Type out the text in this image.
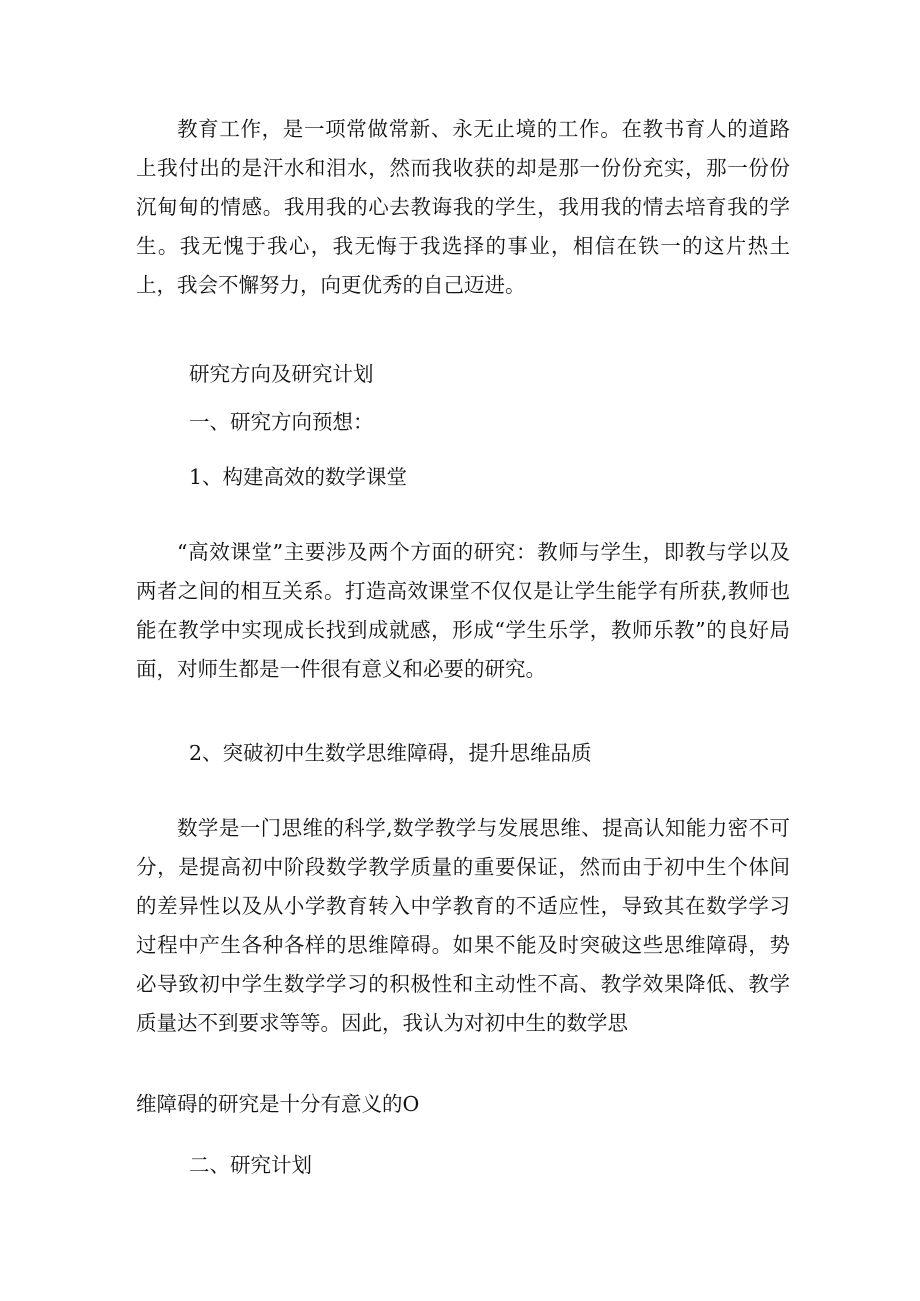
教育工作，是一项常做常新、永无止境的工作。在教书育人的道路上我付出的是汗水和泪水，然而我收获的却是那一份份充实，那一份份沉甸甸的情感。我用我的心去教诲我的学生，我用我的情去培育我的学生。我无愧于我心，我无悔于我选择的事业，相信在铁一的这片热土上，我会不懈努力，向更优秀的自己迈进。

研究方向及研究计划

一、研究方向预想：

1、构建高效的数学课堂

“高效课堂”主要涉及两个方面的研究：教师与学生，即教与学以及两者之间的相互关系。打造高效课堂不仅仅是让学生能学有所获,教师也能在教学中实现成长找到成就感，形成“学生乐学，教师乐教”的良好局面，对师生都是一件很有意义和必要的研究。

2、突破初中生数学思维障碍，提升思维品质

数学是一门思维的科学,数学教学与发展思维、提高认知能力密不可分，是提高初中阶段数学教学质量的重要保证，然而由于初中生个体间的差异性以及从小学教育转入中学教育的不适应性，导致其在数学学习过程中产生各种各样的思维障碍。如果不能及时突破这些思维障碍，势必导致初中学生数学学习的积极性和主动性不高、教学效果降低、教学质量达不到要求等等。因此，我认为对初中生的数学思

维障碍的研究是十分有意义的O

二、研究计划
